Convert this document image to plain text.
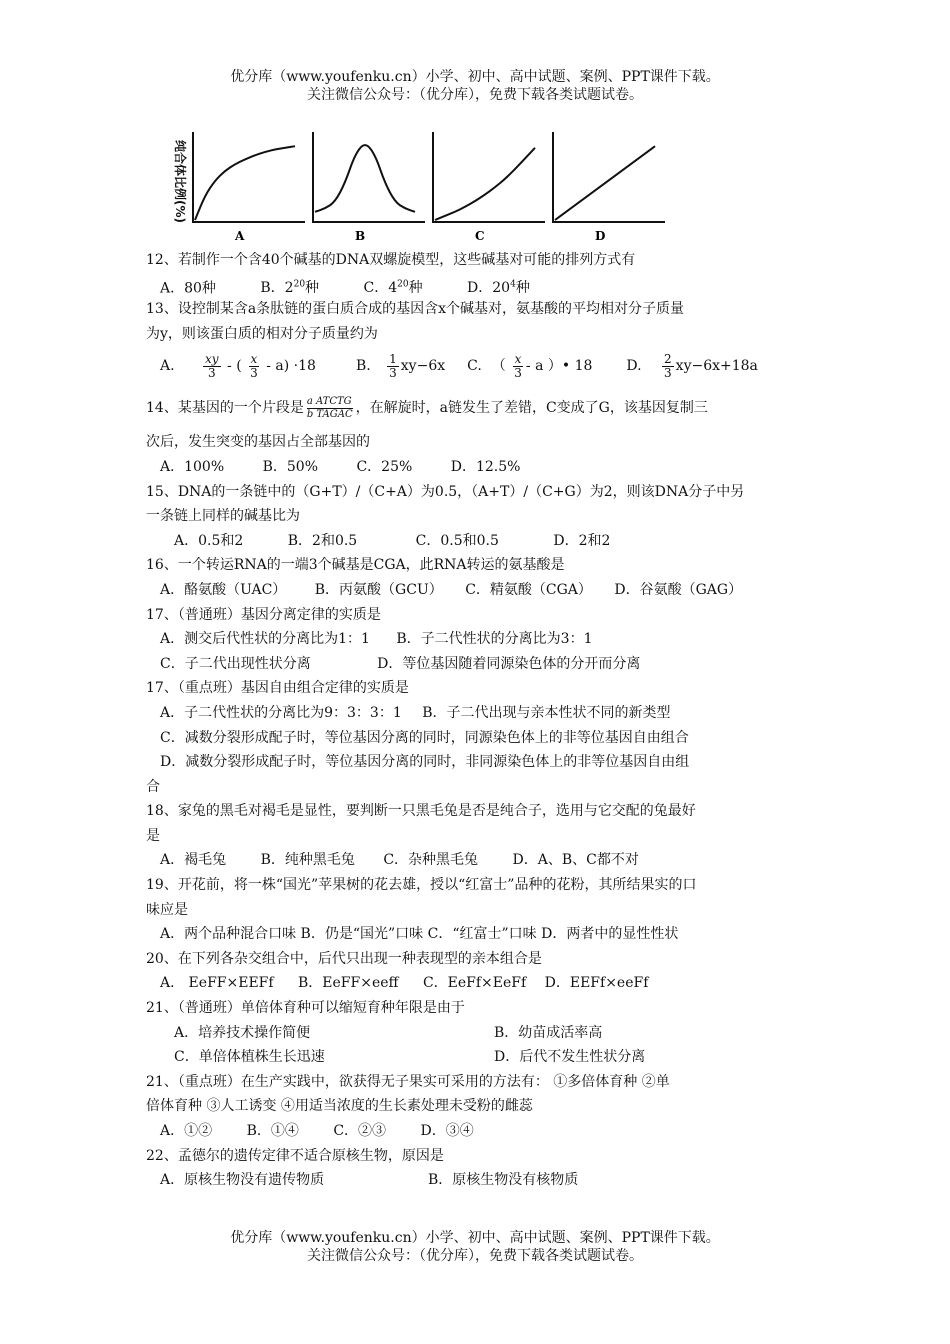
优分库（www.youfenku.cn）小学、初中、高中试题、案例、PPT课件下载。
关注微信公众号：（优分库），免费下载各类试题试卷。
纯合体比例(%)
A	B	C	D
12、若制作一个含40个碱基的DNA双螺旋模型，这些碱基对可能的排列方式有
A．80种	B．$2^{20}$种	C．$4^{20}$种	D．$20^4$种
13、设控制某含a条肽链的蛋白质合成的基因含x个碱基对，氨基酸的平均相对分子质量
为y，则该蛋白质的相对分子质量约为
A. $\frac{xy}{3}$ - ( $\frac{x}{3} - a) \cdot 18$	B. $\frac{1}{3} xy-6x$ C. （ $\frac{x}{3}$ - a ）• 18 D. $\frac{2}{3} xy-6x+18a$
14、某基因的一个片段是 a ATCTG
b TAGAC ，在解旋时，a链发生了差错，C变成了G，该基因复制三
次后，发生突变的基因占全部基因的
A．100%	B．50%	C．25%	D．12.5%
15、DNA的一条链中的（G+T）/（C+A）为0.5，（A+T）/（C+G）为2，则该DNA分子中另
一条链上同样的碱基比为
A．0.5和2	B．2和0.5	C．0.5和0.5	D．2和2
16、一个转运RNA的一端3个碱基是CGA，此RNA转运的氨基酸是
A．酪氨酸（UAC） B．丙氨酸（GCU） C．精氨酸（CGA） D．谷氨酸（GAG）
17、（普通班）基因分离定律的实质是
A．测交后代性状的分离比为1：1 B．子二代性状的分离比为3：1
C．子二代出现性状分离	D．等位基因随着同源染色体的分开而分离
17、（重点班）基因自由组合定律的实质是
A．子二代性状的分离比为9：3：3：1 B．子二代出现与亲本性状不同的新类型
C．减数分裂形成配子时，等位基因分离的同时，同源染色体上的非等位基因自由组合
D．减数分裂形成配子时，等位基因分离的同时，非同源染色体上的非等位基因自由组
合
18、家兔的黑毛对褐毛是显性，要判断一只黑毛兔是否是纯合子，选用与它交配的兔最好
是
A．褐毛兔 B．纯种黑毛兔 C．杂种黑毛兔 D．A、B、C都不对
19、开花前，将一株“国光”苹果树的花去雄，授以“红富士”品种的花粉，其所结果实的口
味应是
A．两个品种混合口味 B．仍是“国光”口味 C．“红富士”口味 D．两者中的显性性状
20、在下列各杂交组合中，后代只出现一种表现型的亲本组合是
A． EeFF×EEFf B．EeFF×eeff C．EeFf×EeFf D．EEFf×eeFf
21、（普通班）单倍体育种可以缩短育种年限是由于
A．培养技术操作简便	B．幼苗成活率高
C．单倍体植株生长迅速	D．后代不发生性状分离
21、（重点班）在生产实践中，欲获得无子果实可采用的方法有： ①多倍体育种 ②单
倍体育种 ③人工诱变 ④用适当浓度的生长素处理未受粉的雌蕊
A．①② B．①④ C．②③ D．③④
22、孟德尔的遗传定律不适合原核生物，原因是
A．原核生物没有遗传物质	B．原核生物没有核物质
优分库（www.youfenku.cn）小学、初中、高中试题、案例、PPT课件下载。
关注微信公众号：（优分库），免费下载各类试题试卷。
